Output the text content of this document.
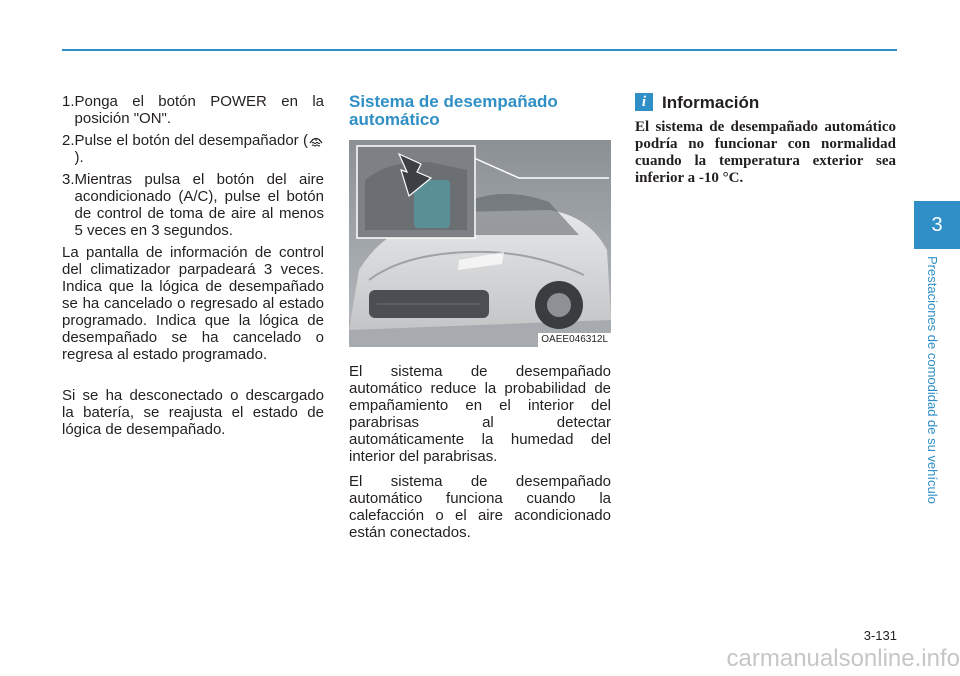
1. Ponga el botón POWER en la posición "ON".
2. Pulse el botón del desempañador ().
3. Mientras pulsa el botón del aire acondicionado (A/C), pulse el botón de control de toma de aire al menos 5 veces en 3 segundos.

La pantalla de información de control del climatizador parpadeará 3 veces. Indica que la lógica de desempañado se ha cancelado o regresado al estado programado. Indica que la lógica de desempañado se ha cancelado o regresa al estado programado.

Si se ha desconectado o descargado la batería, se reajusta el estado de lógica de desempañado.

Sistema de desempañado automático
OAEE046312L

El sistema de desempañado automático reduce la probabilidad de empañamiento en el interior del parabrisas al detectar automáticamente la humedad del interior del parabrisas.

El sistema de desempañado automático funciona cuando la calefacción o el aire acondicionado están conectados.

i Información
El sistema de desempañado automático podría no funcionar con normalidad cuando la temperatura exterior sea inferior a -10 °C.
3
Prestaciones de comodidad de su vehículo
3-131
carmanualsonline.info
